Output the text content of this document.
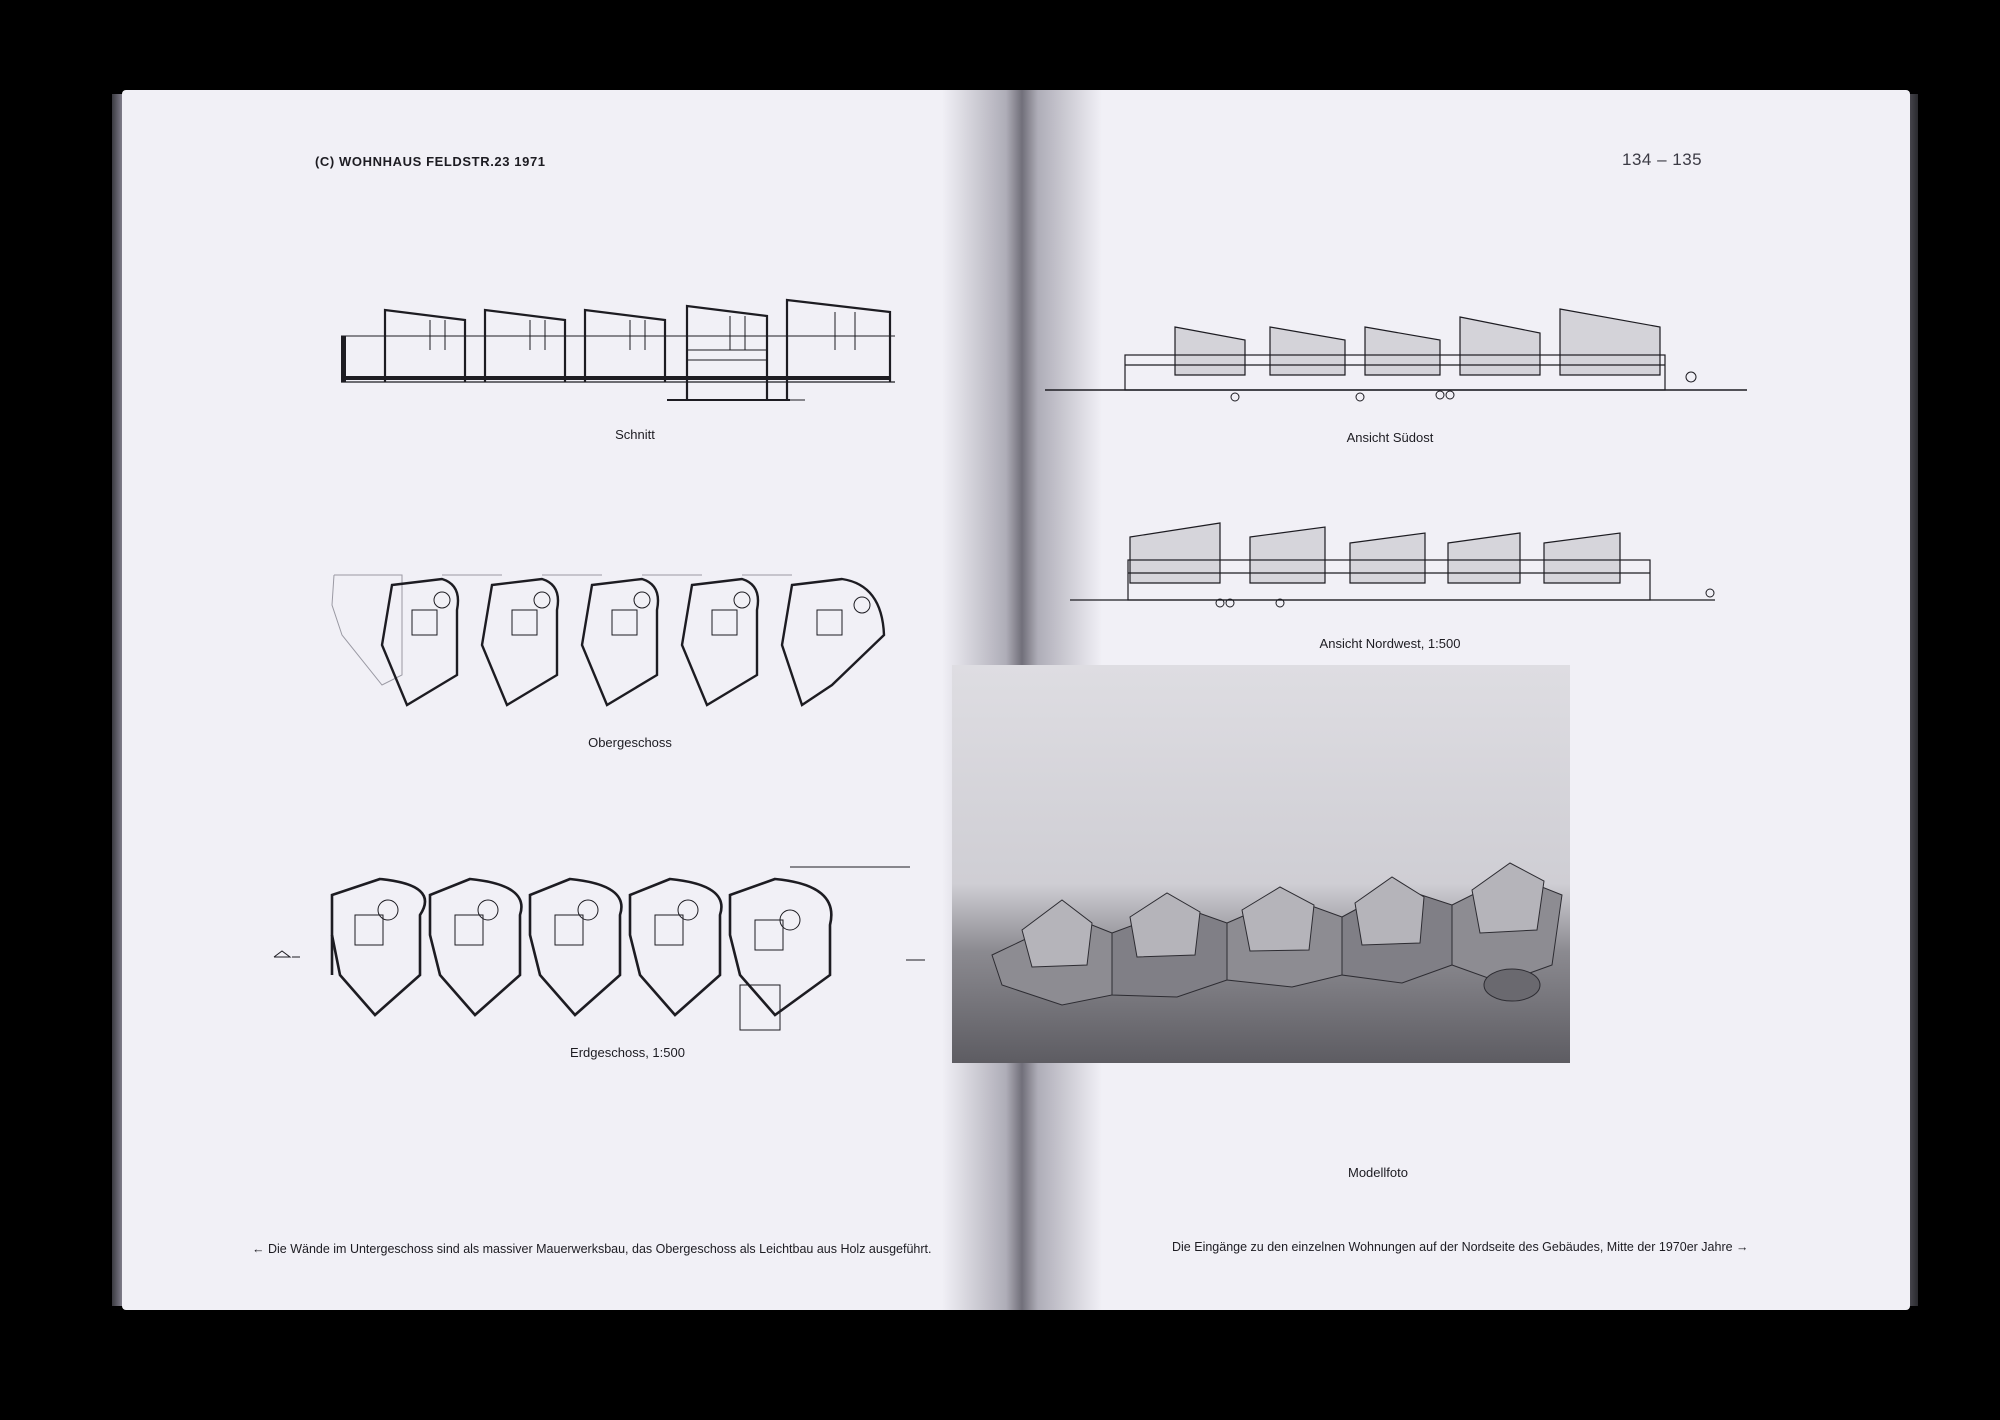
(C) WOHNHAUS FELDSTR.23 1971
Schnitt
Obergeschoss
Erdgeschoss, 1:500
← Die Wände im Untergeschoss sind als massiver Mauerwerksbau, das Obergeschoss als Leichtbau aus Holz ausgeführt.
134 – 135
Ansicht Südost
Ansicht Nordwest, 1:500
Modellfoto
Die Eingänge zu den einzelnen Wohnungen auf der Nordseite des Gebäudes, Mitte der 1970er Jahre →
